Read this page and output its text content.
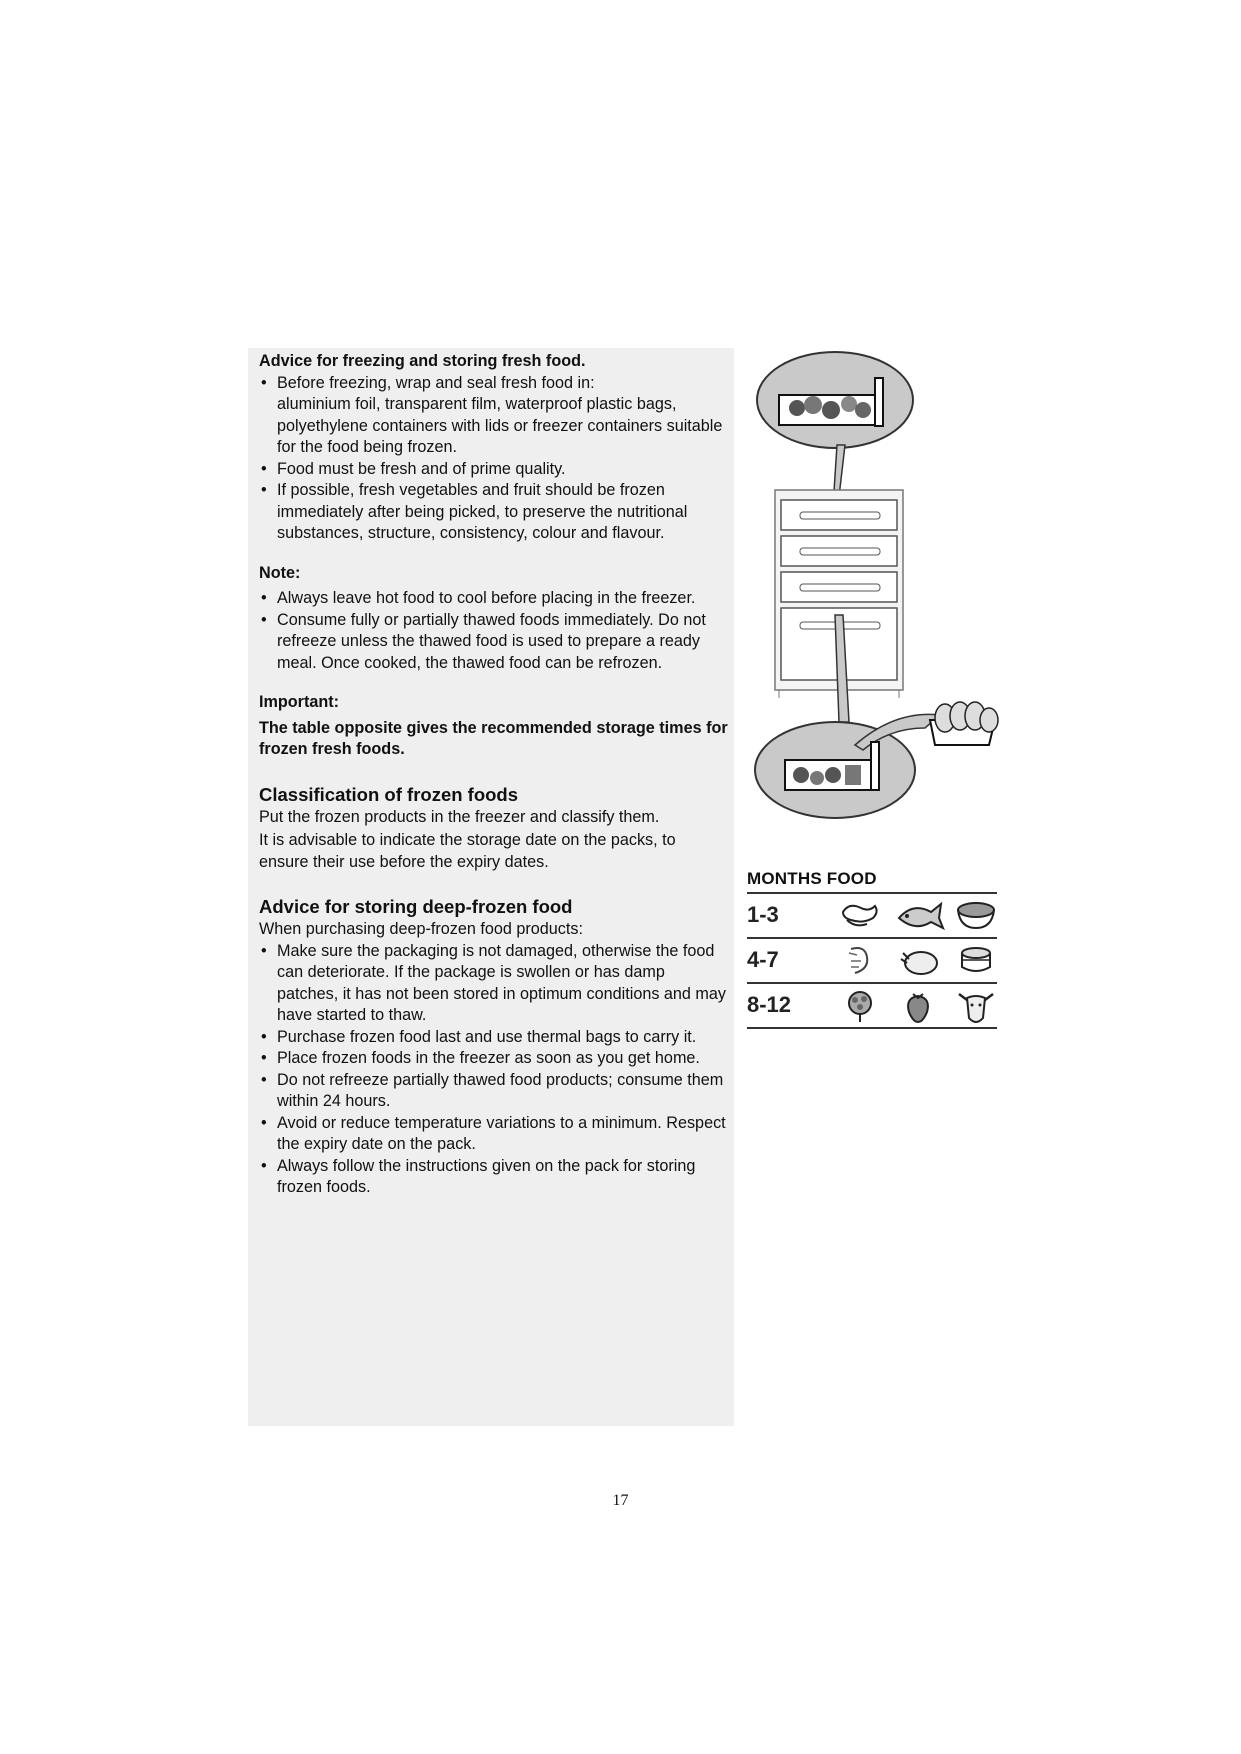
Advice for freezing and storing fresh food.

• Before freezing, wrap and seal fresh food in:
aluminium foil, transparent film, waterproof plastic bags, polyethylene containers with lids or freezer containers suitable for the food being frozen.
• Food must be fresh and of prime quality.
• If possible, fresh vegetables and fruit should be frozen
immediately after being picked, to preserve the nutritional substances, structure, consistency, colour and flavour.

Note:

• Always leave hot food to cool before placing in the freezer.
• Consume fully or partially thawed foods immediately. Do not
refreeze unless the thawed food is used to prepare a ready meal. Once cooked, the thawed food can be refrozen.

Important:

The table opposite gives the recommended storage times for frozen fresh foods.

Classification of frozen foods

Put the frozen products in the freezer and classify them.

It is advisable to indicate the storage date on the packs, to ensure their use before the expiry dates.

Advice for storing deep-frozen food

When purchasing deep-frozen food products:

• Make sure the packaging is not damaged, otherwise the food
can deteriorate. If the package is swollen or has damp patches, it has not been stored in optimum conditions and may have started to thaw.
• Purchase frozen food last and use thermal bags to carry it.
• Place frozen foods in the freezer as soon as you get home.
• Do not refreeze partially thawed food products; consume them
within 24 hours.
• Avoid or reduce temperature variations to a minimum. Respect
the expiry date on the pack.
• Always follow the instructions given on the pack for storing
frozen foods.
MONTHS FOOD
1-3
4-7
8-12
17
